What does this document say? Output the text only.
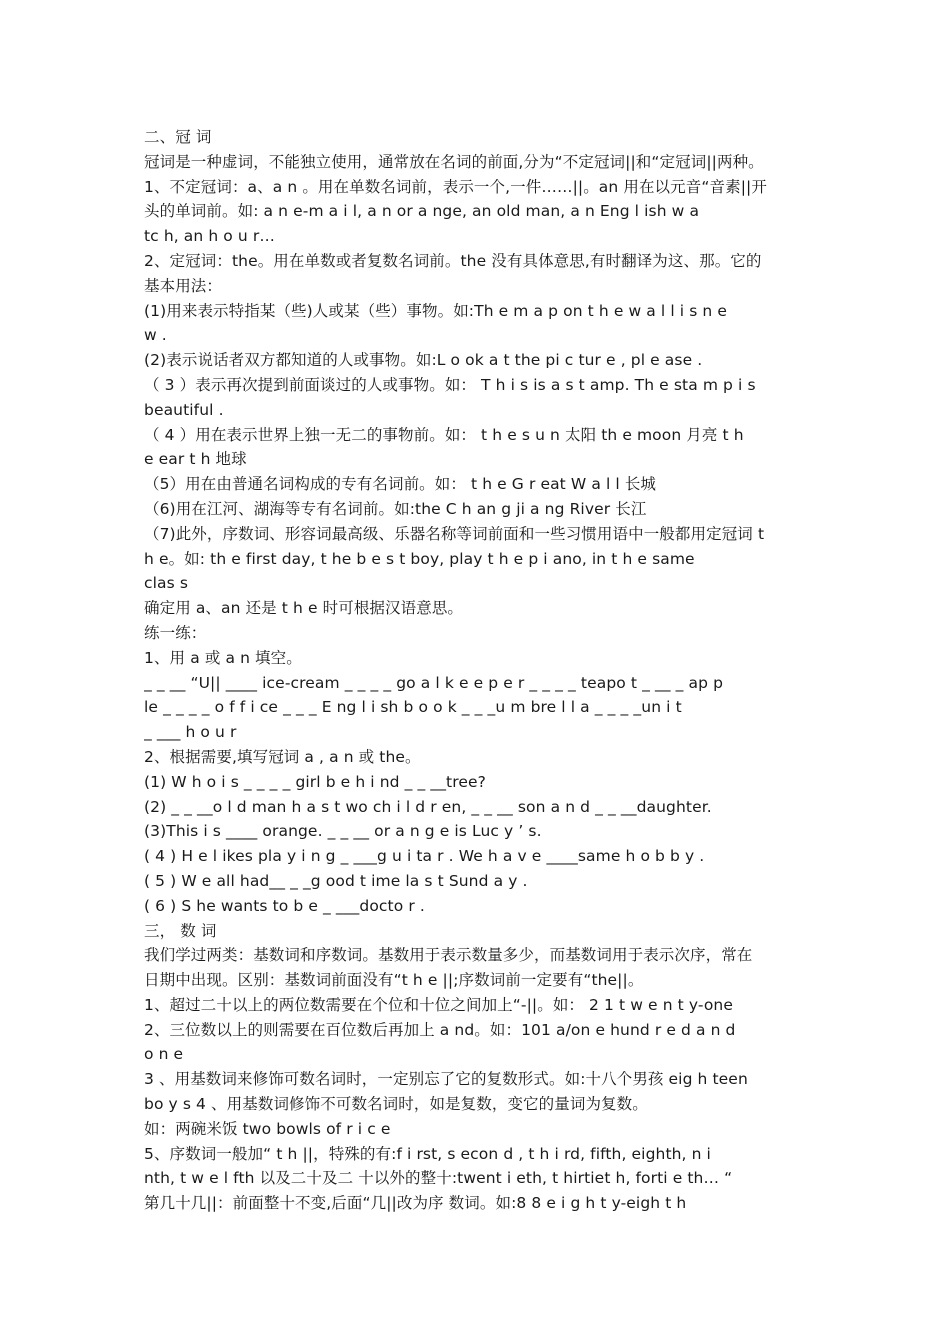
二、冠 词
冠词是一种虚词，不能独立使用，通常放在名词的前面,分为“不定冠词||和“定冠词||两种。
1、不定冠词：a、a n 。用在单数名词前，表示一个,一件……||。an 用在以元音“音素||开
头的单词前。如: a n e-m a i l, a n or a nge, an old man, a n Eng l ish w a
tc h, an h o u r…
2、定冠词：the。用在单数或者复数名词前。the 没有具体意思,有时翻译为这、那。它的
基本用法：
(1)用来表示特指某（些)人或某（些）事物。如:Th e m a p on t h e w a l l i s n e
w .
(2)表示说话者双方都知道的人或事物。如:L o ok a t the pi c tur e , pl e ase .
（ 3 ）表示再次提到前面谈过的人或事物。如： T h i s is a s t amp. Th e sta m p i s
beautiful .
（ 4 ）用在表示世界上独一无二的事物前。如： t h e s u n 太阳 th e moon 月亮 t h
e ear t h 地球
（5）用在由普通名词构成的专有名词前。如： t h e G r eat W a l l 长城
（6)用在江河、湖海等专有名词前。如:the C h an g ji a ng River 长江
（7)此外，序数词、形容词最高级、乐器名称等词前面和一些习惯用语中一般都用定冠词 t
h e。如: th e first day, t he b e s t boy, play t h e p i ano, in t h e same
clas s
确定用 a、an 还是 t h e 时可根据汉语意思。
练一练：
1、用 a 或 a n 填空。
_ _ __ “U|| ____ ice-cream _ _ _ _ go a l k e e p e r _ _ _ _ teapo t _ __ _ ap p
le _ _ _ _ o f f i ce _ _ _ E ng l i sh b o o k _ _ _u m bre l l a _ _ _ _un i t
_ ___ h o u r
2、根据需要,填写冠词 a , a n 或 the。
(1) W h o i s _ _ _ _ girl b e h i nd _ _ __tree?
(2) _ _ __o l d man h a s t wo ch i l d r en, _ _ __ son a n d _ _ __daughter.
(3)This i s ____ orange. _ _ __ or a n g e is Luc y ’ s.
( 4 ) H e l ikes pla y i n g _ ___g u i ta r . We h a v e ____same h o b b y .
( 5 ) W e all had__ _ _g ood t ime la s t Sund a y .
( 6 ) S he wants to b e _ ___docto r .
三， 数 词
我们学过两类：基数词和序数词。基数用于表示数量多少，而基数词用于表示次序，常在
日期中出现。区别：基数词前面没有“t h e ||;序数词前一定要有“the||。
1、超过二十以上的两位数需要在个位和十位之间加上“-||。如： 2 1 t w e n t y-one
2、三位数以上的则需要在百位数后再加上 a nd。如：101 a/on e hund r e d a n d
o n e
3 、用基数词来修饰可数名词时，一定别忘了它的复数形式。如:十八个男孩 eig h teen
bo y s 4 、用基数词修饰不可数名词时，如是复数，变它的量词为复数。
如：两碗米饭 two bowls of r i c e
5、序数词一般加“ t h ||，特殊的有:f i rst, s econ d , t h i rd, fifth, eighth, n i
nth, t w e l fth 以及二十及二 十以外的整十:twent i eth, t hirtiet h, forti e th… “
第几十几||：前面整十不变,后面“几||改为序 数词。如:8 8 e i g h t y-eigh t h
